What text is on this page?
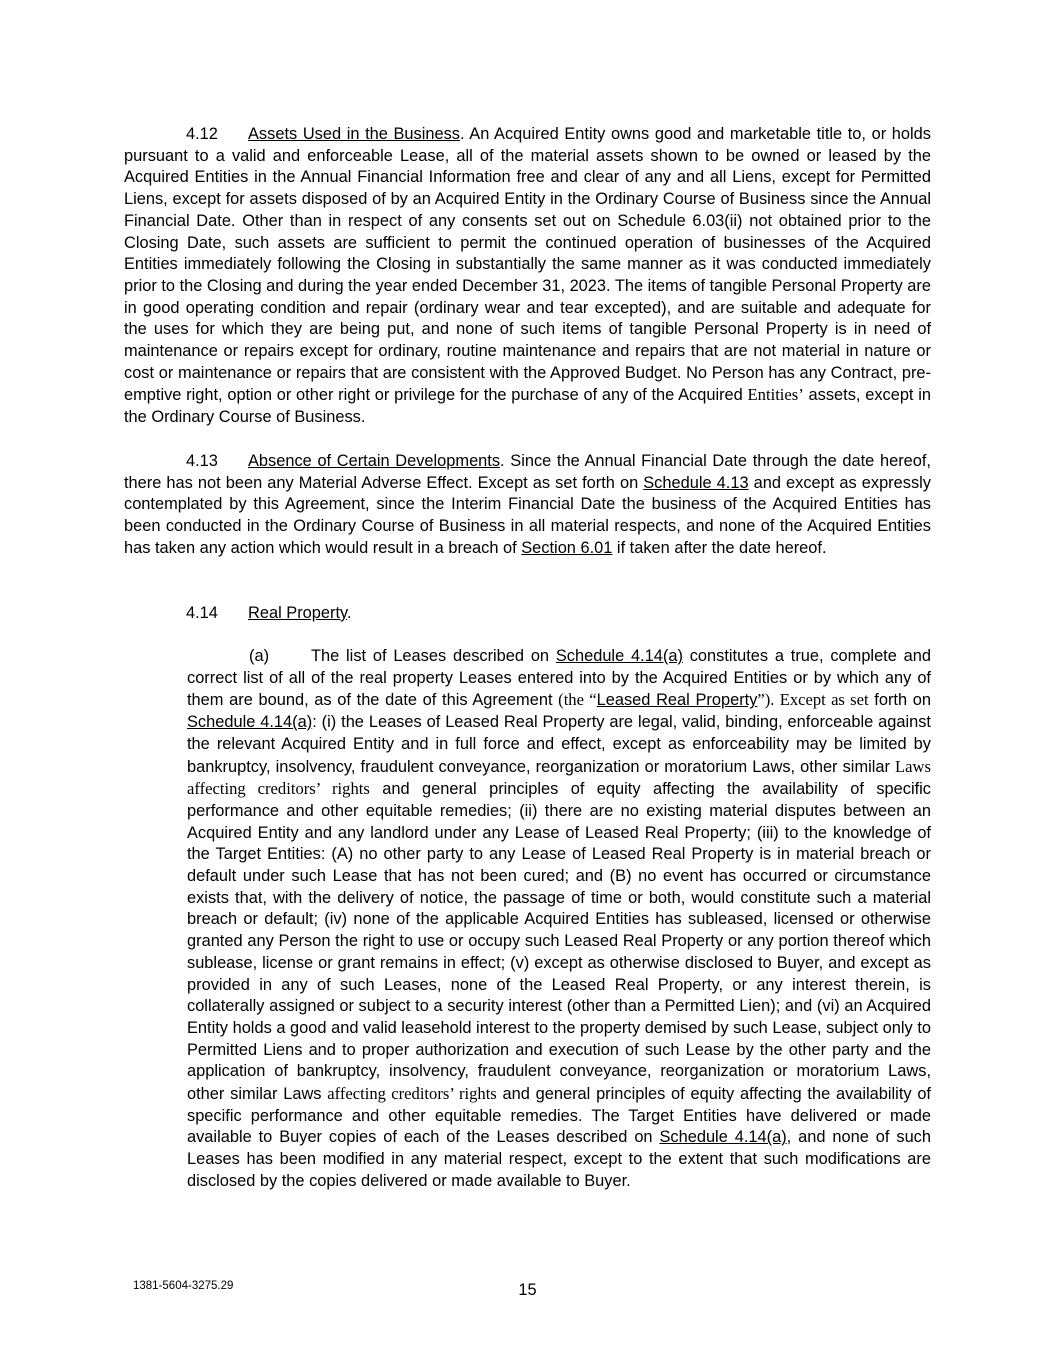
4.12 Assets Used in the Business. An Acquired Entity owns good and marketable title to, or holds pursuant to a valid and enforceable Lease, all of the material assets shown to be owned or leased by the Acquired Entities in the Annual Financial Information free and clear of any and all Liens, except for Permitted Liens, except for assets disposed of by an Acquired Entity in the Ordinary Course of Business since the Annual Financial Date. Other than in respect of any consents set out on Schedule 6.03(ii) not obtained prior to the Closing Date, such assets are sufficient to permit the continued operation of businesses of the Acquired Entities immediately following the Closing in substantially the same manner as it was conducted immediately prior to the Closing and during the year ended December 31, 2023. The items of tangible Personal Property are in good operating condition and repair (ordinary wear and tear excepted), and are suitable and adequate for the uses for which they are being put, and none of such items of tangible Personal Property is in need of maintenance or repairs except for ordinary, routine maintenance and repairs that are not material in nature or cost or maintenance or repairs that are consistent with the Approved Budget. No Person has any Contract, pre-emptive right, option or other right or privilege for the purchase of any of the Acquired Entities’ assets, except in the Ordinary Course of Business.

4.13 Absence of Certain Developments. Since the Annual Financial Date through the date hereof, there has not been any Material Adverse Effect. Except as set forth on Schedule 4.13 and except as expressly contemplated by this Agreement, since the Interim Financial Date the business of the Acquired Entities has been conducted in the Ordinary Course of Business in all material respects, and none of the Acquired Entities has taken any action which would result in a breach of Section 6.01 if taken after the date hereof.

4.14 Real Property.

(a)	The list of Leases described on Schedule 4.14(a) constitutes a true, complete and correct list of all of the real property Leases entered into by the Acquired Entities or by which any of them are bound, as of the date of this Agreement (the “Leased Real Property”). Except as set forth on Schedule 4.14(a): (i) the Leases of Leased Real Property are legal, valid, binding, enforceable against the relevant Acquired Entity and in full force and effect, except as enforceability may be limited by bankruptcy, insolvency, fraudulent conveyance, reorganization or moratorium Laws, other similar Laws affecting creditors’ rights and general principles of equity affecting the availability of specific performance and other equitable remedies; (ii) there are no existing material disputes between an Acquired Entity and any landlord under any Lease of Leased Real Property; (iii) to the knowledge of the Target Entities: (A) no other party to any Lease of Leased Real Property is in material breach or default under such Lease that has not been cured; and (B) no event has occurred or circumstance exists that, with the delivery of notice, the passage of time or both, would constitute such a material breach or default; (iv) none of the applicable Acquired Entities has subleased, licensed or otherwise granted any Person the right to use or occupy such Leased Real Property or any portion thereof which sublease, license or grant remains in effect; (v) except as otherwise disclosed to Buyer, and except as provided in any of such Leases, none of the Leased Real Property, or any interest therein, is collaterally assigned or subject to a security interest (other than a Permitted Lien); and (vi) an Acquired Entity holds a good and valid leasehold interest to the property demised by such Lease, subject only to Permitted Liens and to proper authorization and execution of such Lease by the other party and the application of bankruptcy, insolvency, fraudulent conveyance, reorganization or moratorium Laws, other similar Laws affecting creditors’ rights and general principles of equity affecting the availability of specific performance and other equitable remedies. The Target Entities have delivered or made available to Buyer copies of each of the Leases described on Schedule 4.14(a), and none of such Leases has been modified in any material respect, except to the extent that such modifications are disclosed by the copies delivered or made available to Buyer.

1381-5604-3275.29	15
